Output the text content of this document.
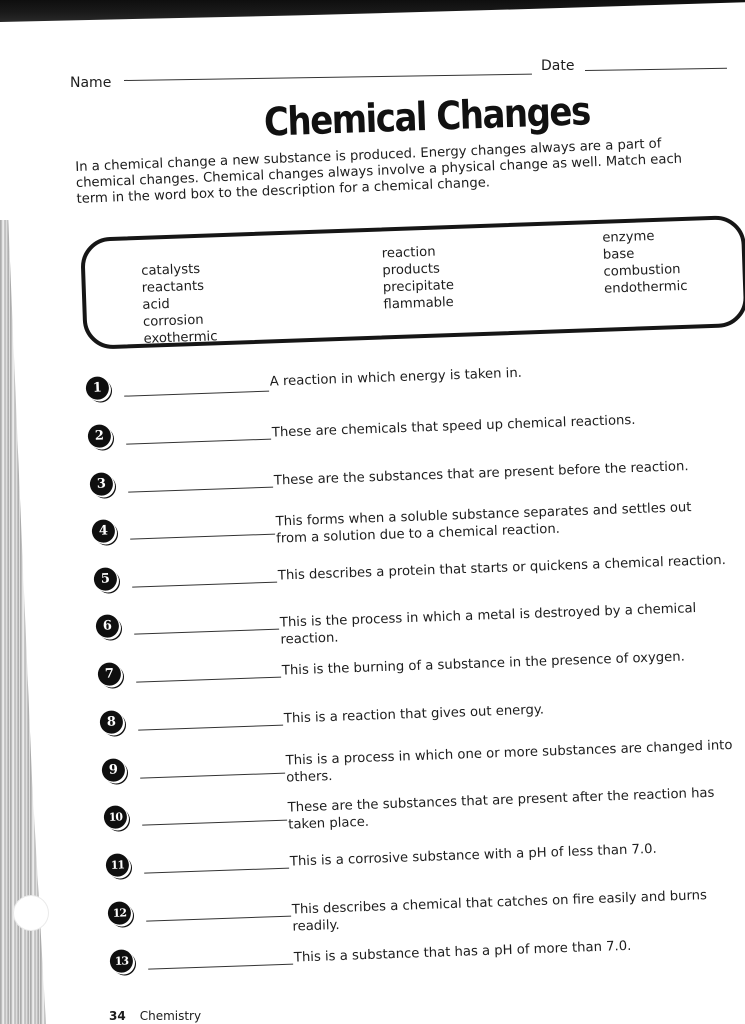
Name
Date
Chemical Changes

In a chemical change a new substance is produced. Energy changes always are a part of chemical changes. Chemical changes always involve a physical change as well. Match each term in the word box to the description for a chemical change.

catalysts
reactants
acid
corrosion
exothermic
reaction
products
precipitate
flammable
enzyme
base
combustion
endothermic
1	A reaction in which energy is taken in.

2	These are chemicals that speed up chemical reactions.

3	These are the substances that are present before the reaction.

4

This forms when a soluble substance separates and settles out from a solution due to a chemical reaction.

5	This describes a protein that starts or quickens a chemical reaction.

6	This is the process in which a metal is destroyed by a chemical reaction.

7	This is the burning of a substance in the presence of oxygen.

8	This is a reaction that gives out energy.

9

This is a process in which one or more substances are changed into others.

10

These are the substances that are present after the reaction has taken place.

11	This is a corrosive substance with a pH of less than 7.0.

12	This describes a chemical that catches on fire easily and burns readily.

13	This is a substance that has a pH of more than 7.0.

34 Chemistry
